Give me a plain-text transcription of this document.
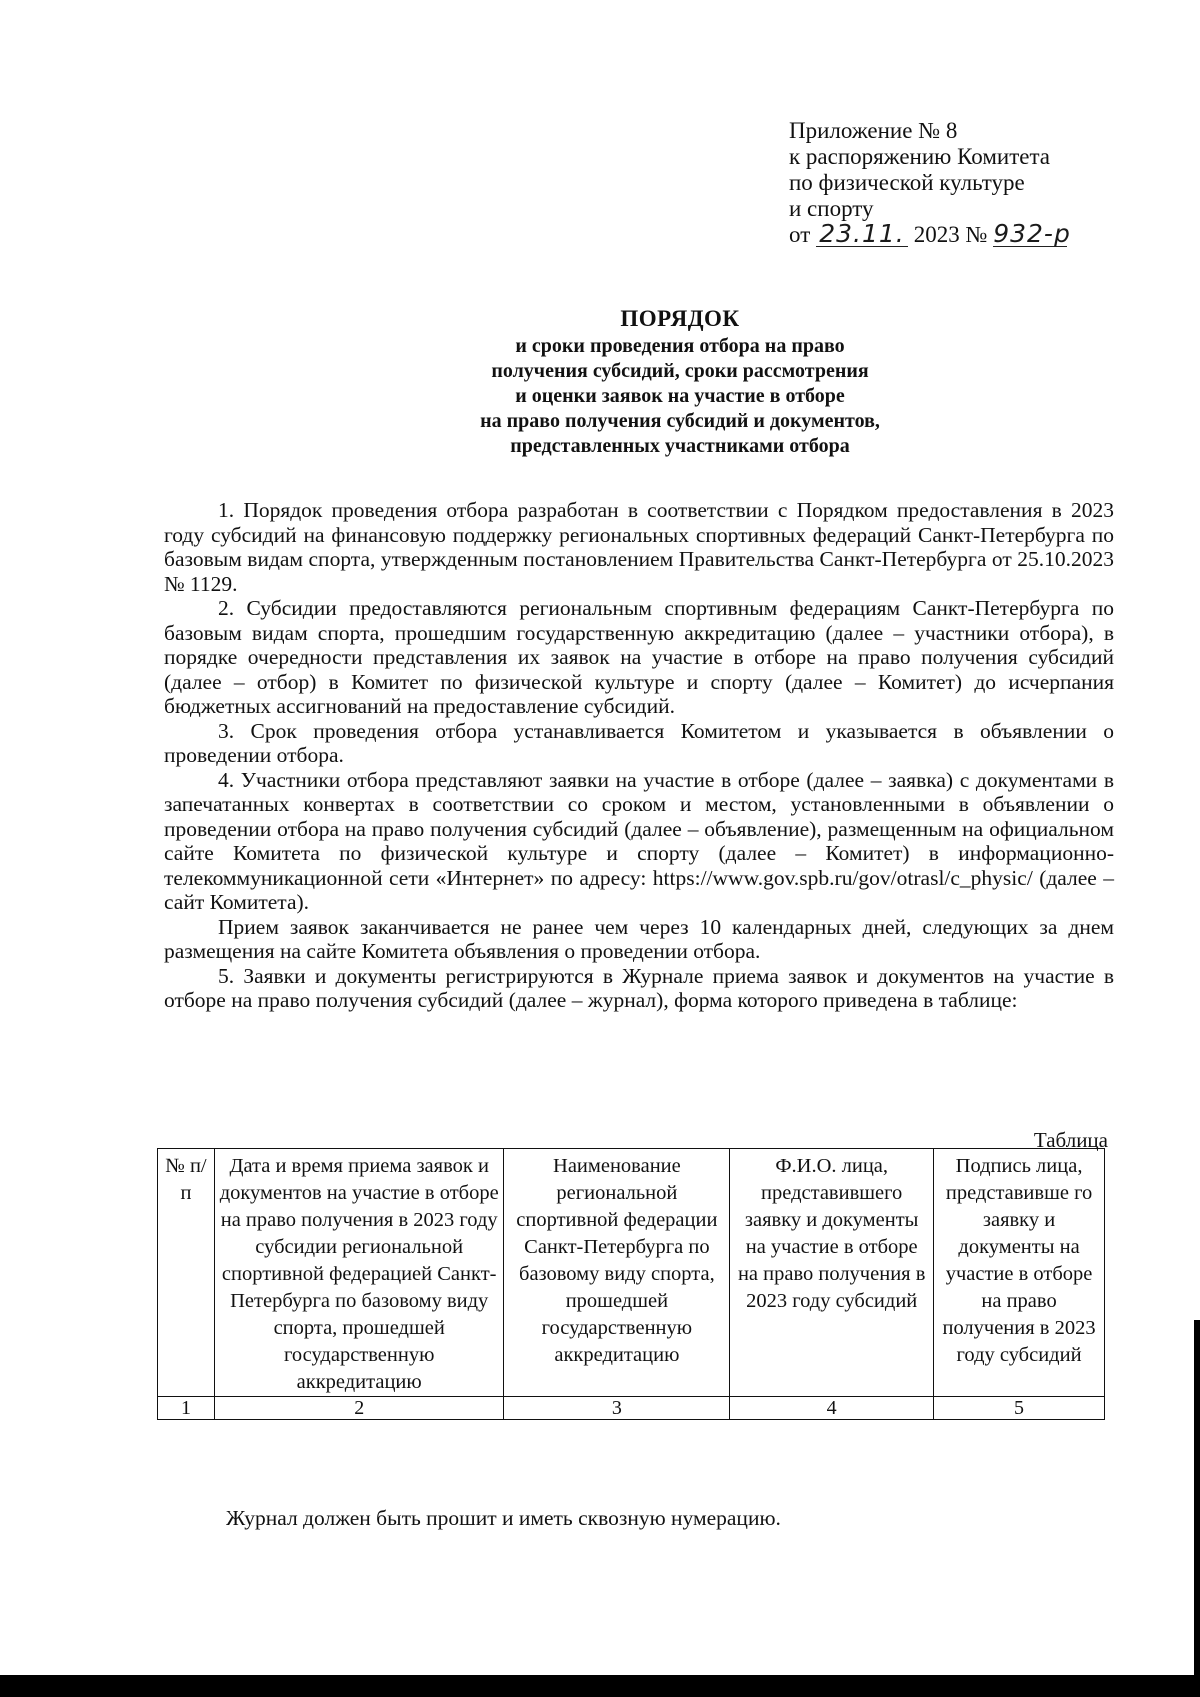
Приложение № 8
к распоряжению Комитета
по физической культуре
и спорту
от 23.11. 2023 № 932-р
ПОРЯДОК
и сроки проведения отбора на право
получения субсидий, сроки рассмотрения
и оценки заявок на участие в отборе
на право получения субсидий и документов,
представленных участниками отбора

1. Порядок проведения отбора разработан в соответствии с Порядком предоставления в 2023 году субсидий на финансовую поддержку региональных спортивных федераций Санкт-Петербурга по базовым видам спорта, утвержденным постановлением Правительства Санкт-Петербурга от 25.10.2023 № 1129.

2. Субсидии предоставляются региональным спортивным федерациям Санкт-Петербурга по базовым видам спорта, прошедшим государственную аккредитацию (далее – участники отбора), в порядке очередности представления их заявок на участие в отборе на право получения субсидий (далее – отбор) в Комитет по физической культуре и спорту (далее – Комитет) до исчерпания бюджетных ассигнований на предоставление субсидий.

3. Срок проведения отбора устанавливается Комитетом и указывается в объявлении о проведении отбора.

4. Участники отбора представляют заявки на участие в отборе (далее – заявка) с документами в запечатанных конвертах в соответствии со сроком и местом, установленными в объявлении о проведении отбора на право получения субсидий (далее – объявление), размещенным на официальном сайте Комитета по физической культуре и спорту (далее – Комитет) в информационно-телекоммуникационной сети «Интернет» по адресу: https://www.gov.spb.ru/gov/otrasl/c_physic/ (далее – сайт Комитета).

Прием заявок заканчивается не ранее чем через 10 календарных дней, следующих за днем размещения на сайте Комитета объявления о проведении отбора.

5. Заявки и документы регистрируются в Журнале приема заявок и документов на участие в отборе на право получения субсидий (далее – журнал), форма которого приведена в таблице:

Таблица
№ п/п	Дата и время приема заявок и документов на участие в отборе на право получения в 2023 году субсидии региональной спортивной федерацией Санкт-Петербурга по базовому виду спорта, прошедшей государственную аккредитацию	Наименование региональной спортивной федерации Санкт-Петербурга по базовому виду спорта, прошедшей государственную аккредитацию	Ф.И.О. лица, представившего заявку и документы на участие в отборе на право получения в 2023 году субсидий	Подпись лица, представивше го заявку и документы на участие в отборе на право получения в 2023 году субсидий
1	2	3	4	5
Журнал должен быть прошит и иметь сквозную нумерацию.
